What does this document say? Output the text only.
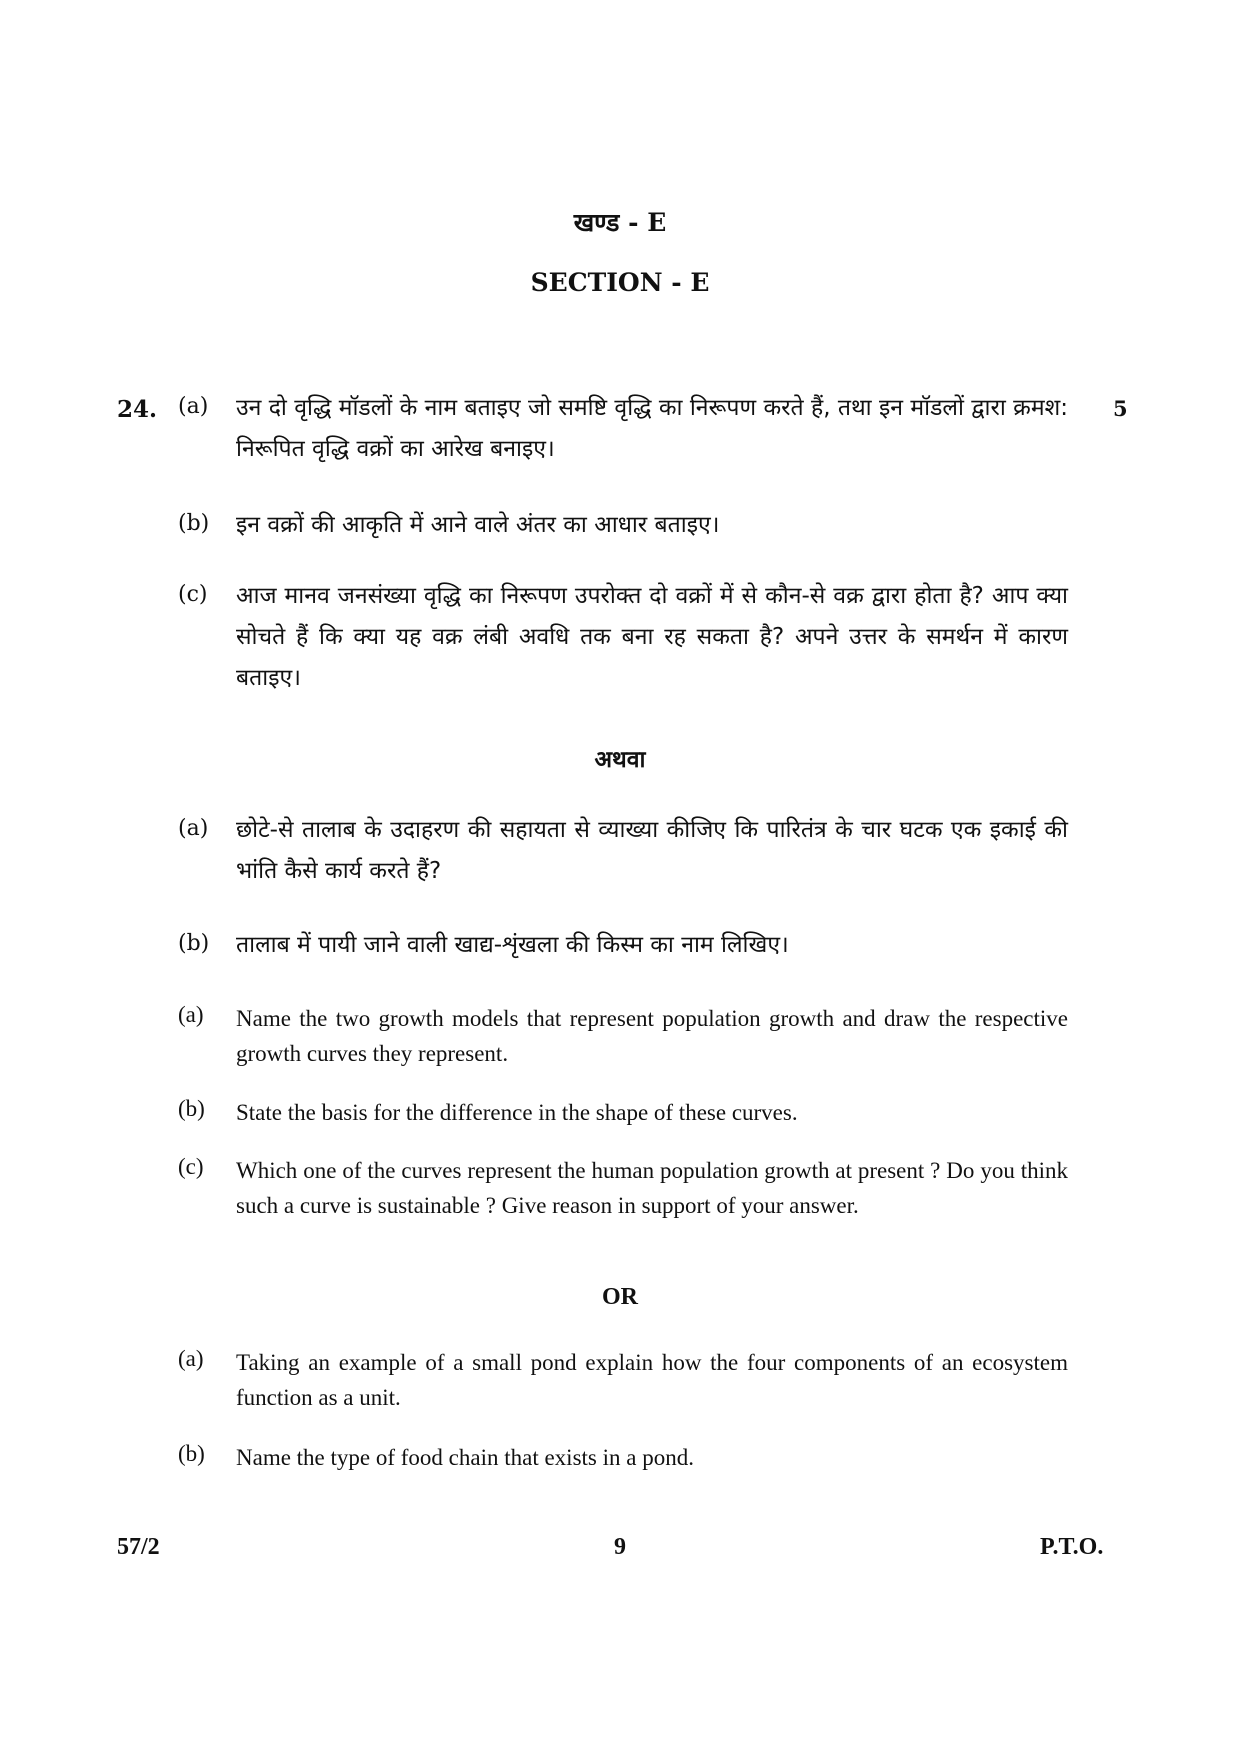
खण्ड - E
SECTION - E
24.	5
(a) उन दो वृद्धि मॉडलों के नाम बताइए जो समष्टि वृद्धि का निरूपण करते हैं, तथा इन मॉडलों द्वारा क्रमश: निरूपित वृद्धि वक्रों का आरेख बनाइए।
(b) इन वक्रों की आकृति में आने वाले अंतर का आधार बताइए।
(c) आज मानव जनसंख्या वृद्धि का निरूपण उपरोक्त दो वक्रों में से कौन-से वक्र द्वारा होता है? आप क्या सोचते हैं कि क्या यह वक्र लंबी अवधि तक बना रह सकता है? अपने उत्तर के समर्थन में कारण बताइए।
अथवा
(a) छोटे-से तालाब के उदाहरण की सहायता से व्याख्या कीजिए कि पारितंत्र के चार घटक एक इकाई की भांति कैसे कार्य करते हैं?
(b) तालाब में पायी जाने वाली खाद्य-शृंखला की किस्म का नाम लिखिए।
(a) Name the two growth models that represent population growth and draw the respective growth curves they represent.
(b) State the basis for the difference in the shape of these curves.
(c) Which one of the curves represent the human population growth at present ? Do you think such a curve is sustainable ? Give reason in support of your answer.
OR
(a) Taking an example of a small pond explain how the four components of an ecosystem function as a unit.
(b) Name the type of food chain that exists in a pond.
57/2	9	P.T.O.
